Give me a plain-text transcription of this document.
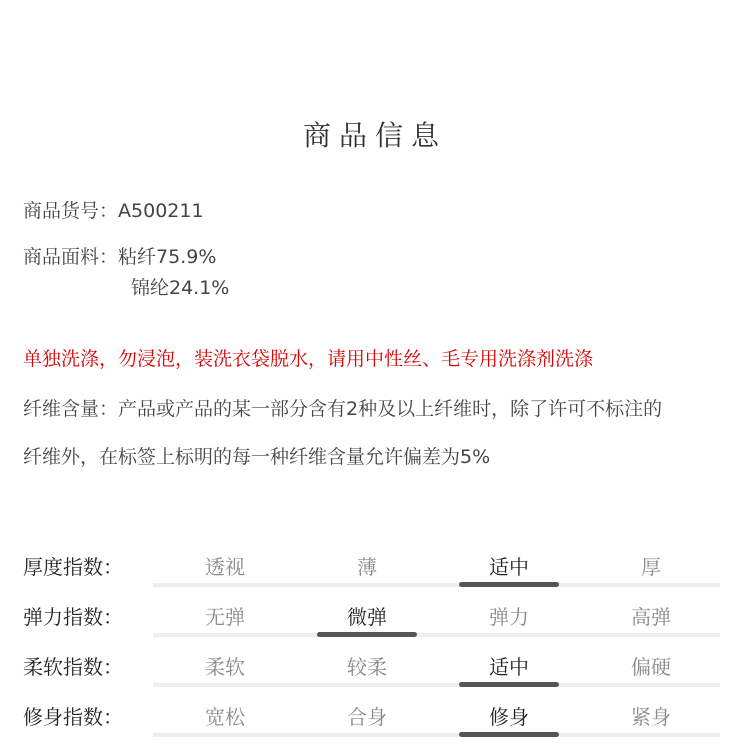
商品信息
商品货号：A500211
商品面料：粘纤75.9%
锦纶24.1%
单独洗涤，勿浸泡，装洗衣袋脱水，请用中性丝、毛专用洗涤剂洗涤
纤维含量：产品或产品的某一部分含有2种及以上纤维时，除了许可不标注的
纤维外，在标签上标明的每一种纤维含量允许偏差为5%
厚度指数：	透视	薄	适中	厚
弹力指数：	无弹	微弹	弹力	高弹
柔软指数：	柔软	较柔	适中	偏硬
修身指数：	宽松	合身	修身	紧身
